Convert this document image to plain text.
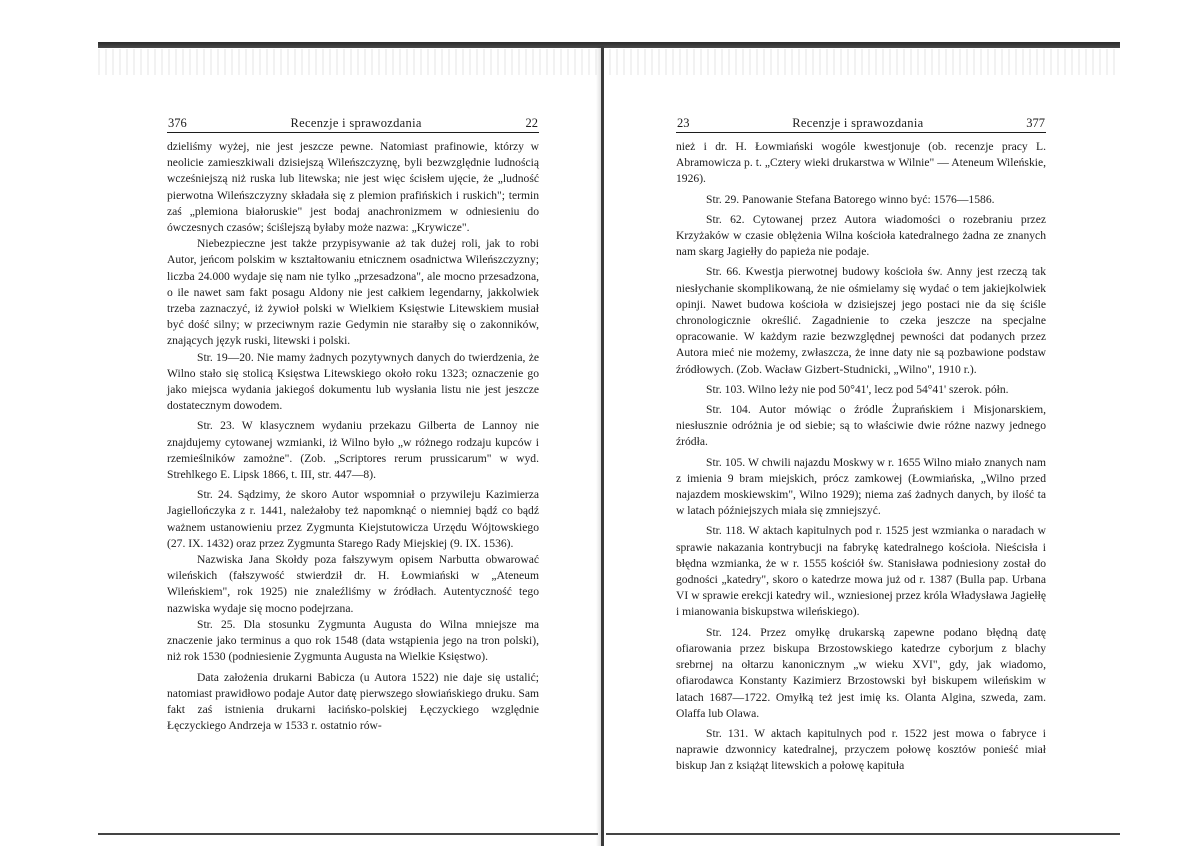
376	Recenzje i sprawozdania	22

dzieliśmy wyżej, nie jest jeszcze pewne. Natomiast prafinowie, którzy w neolicie zamieszkiwali dzisiejszą Wileńszczyznę, byli bezwzględnie ludnością wcześniejszą niż ruska lub litewska; nie jest więc ścisłem ujęcie, że „ludność pierwotna Wileńszczyzny składała się z plemion prafińskich i ruskich"; termin zaś „plemiona białoruskie" jest bodaj anachronizmem w odniesieniu do ówczesnych czasów; ściślejszą byłaby może nazwa: „Krywicze".

Niebezpieczne jest także przypisywanie aż tak dużej roli, jak to robi Autor, jeńcom polskim w kształtowaniu etnicznem osadnictwa Wileńszczyzny; liczba 24.000 wydaje się nam nie tylko „przesadzona", ale mocno przesadzona, o ile nawet sam fakt posagu Aldony nie jest całkiem legendarny, jakkolwiek trzeba zaznaczyć, iż żywioł polski w Wielkiem Księstwie Litewskiem musiał być dość silny; w przeciwnym razie Gedymin nie starałby się o zakonników, znających język ruski, litewski i polski.

Str. 19—20. Nie mamy żadnych pozytywnych danych do twierdzenia, że Wilno stało się stolicą Księstwa Litewskiego około roku 1323; oznaczenie go jako miejsca wydania jakiegoś dokumentu lub wysłania listu nie jest jeszcze dostatecznym dowodem.

Str. 23. W klasycznem wydaniu przekazu Gilberta de Lannoy nie znajdujemy cytowanej wzmianki, iż Wilno było „w różnego rodzaju kupców i rzemieślników zamożne". (Zob. „Scriptores rerum prussicarum" w wyd. Strehlkego E. Lipsk 1866, t. III, str. 447—8).

Str. 24. Sądzimy, że skoro Autor wspomniał o przywileju Kazimierza Jagiellończyka z r. 1441, należałoby też napomknąć o niemniej bądź co bądź ważnem ustanowieniu przez Zygmunta Kiejstutowicza Urzędu Wójtowskiego (27. IX. 1432) oraz przez Zygmunta Starego Rady Miejskiej (9. IX. 1536).

Nazwiska Jana Skołdy poza fałszywym opisem Narbutta obwarować wileńskich (fałszywość stwierdził dr. H. Łowmiański w „Ateneum Wileńskiem", rok 1925) nie znaleźliśmy w źródłach. Autentyczność tego nazwiska wydaje się mocno podejrzana.

Str. 25. Dla stosunku Zygmunta Augusta do Wilna mniejsze ma znaczenie jako terminus a quo rok 1548 (data wstąpienia jego na tron polski), niż rok 1530 (podniesienie Zygmunta Augusta na Wielkie Księstwo).

Data założenia drukarni Babicza (u Autora 1522) nie daje się ustalić; natomiast prawidłowo podaje Autor datę pierwszego słowiańskiego druku. Sam fakt zaś istnienia drukarni łacińsko-polskiej Łęczyckiego względnie Łęczyckiego Andrzeja w 1533 r. ostatnio rów-

23	Recenzje i sprawozdania	377

nież i dr. H. Łowmiański wogóle kwestjonuje (ob. recenzje pracy L. Abramowicza p. t. „Cztery wieki drukarstwa w Wilnie" — Ateneum Wileńskie, 1926).

Str. 29. Panowanie Stefana Batorego winno być: 1576—1586.

Str. 62. Cytowanej przez Autora wiadomości o rozebraniu przez Krzyżaków w czasie oblężenia Wilna kościoła katedralnego żadna ze znanych nam skarg Jagiełły do papieża nie podaje.

Str. 66. Kwestja pierwotnej budowy kościoła św. Anny jest rzeczą tak niesłychanie skomplikowaną, że nie ośmielamy się wydać o tem jakiejkolwiek opinji. Nawet budowa kościoła w dzisiejszej jego postaci nie da się ściśle chronologicznie określić. Zagadnienie to czeka jeszcze na specjalne opracowanie. W każdym razie bezwzględnej pewności dat podanych przez Autora mieć nie możemy, zwłaszcza, że inne daty nie są pozbawione podstaw źródłowych. (Zob. Wacław Gizbert-Studnicki, „Wilno", 1910 r.).

Str. 103. Wilno leży nie pod 50°41', lecz pod 54°41' szerok. półn.

Str. 104. Autor mówiąc o źródle Żuprańskiem i Misjonarskiem, niesłusznie odróżnia je od siebie; są to właściwie dwie różne nazwy jednego źródła.

Str. 105. W chwili najazdu Moskwy w r. 1655 Wilno miało znanych nam z imienia 9 bram miejskich, prócz zamkowej (Łowmiańska, „Wilno przed najazdem moskiewskim", Wilno 1929); niema zaś żadnych danych, by ilość ta w latach późniejszych miała się zmniejszyć.

Str. 118. W aktach kapitulnych pod r. 1525 jest wzmianka o naradach w sprawie nakazania kontrybucji na fabrykę katedralnego kościoła. Nieścisła i błędna wzmianka, że w r. 1555 kościół św. Stanisława podniesiony został do godności „katedry", skoro o katedrze mowa już od r. 1387 (Bulla pap. Urbana VI w sprawie erekcji katedry wil., wzniesionej przez króla Władysława Jagiełłę i mianowania biskupstwa wileńskiego).

Str. 124. Przez omyłkę drukarską zapewne podano błędną datę ofiarowania przez biskupa Brzostowskiego katedrze cyborjum z blachy srebrnej na ołtarzu kanonicznym „w wieku XVI", gdy, jak wiadomo, ofiarodawca Konstanty Kazimierz Brzostowski był biskupem wileńskim w latach 1687—1722. Omyłką też jest imię ks. Olanta Algina, szweda, zam. Olaffa lub Olawa.

Str. 131. W aktach kapitulnych pod r. 1522 jest mowa o fabryce i naprawie dzwonnicy katedralnej, przyczem połowę kosztów ponieść miał biskup Jan z książąt litewskich a połowę kapituła
